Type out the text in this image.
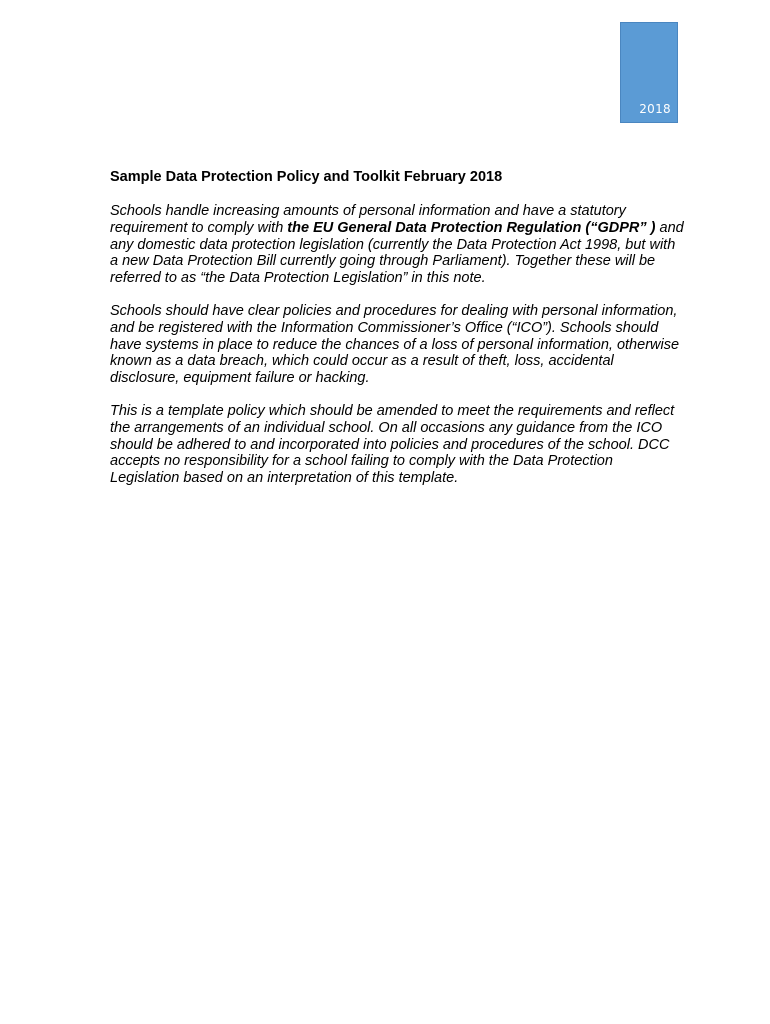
2018
Sample Data Protection Policy and Toolkit February 2018

Schools handle increasing amounts of personal information and have a statutory requirement to comply with the EU General Data Protection Regulation (“GDPR” ) and any domestic data protection legislation (currently the Data Protection Act 1998, but with a new Data Protection Bill currently going through Parliament). Together these will be referred to as “the Data Protection Legislation” in this note.

Schools should have clear policies and procedures for dealing with personal information, and be registered with the Information Commissioner’s Office (“ICO”). Schools should have systems in place to reduce the chances of a loss of personal information, otherwise known as a data breach, which could occur as a result of theft, loss, accidental disclosure, equipment failure or hacking.

This is a template policy which should be amended to meet the requirements and reflect the arrangements of an individual school. On all occasions any guidance from the ICO should be adhered to and incorporated into policies and procedures of the school. DCC accepts no responsibility for a school failing to comply with the Data Protection Legislation based on an interpretation of this template.
